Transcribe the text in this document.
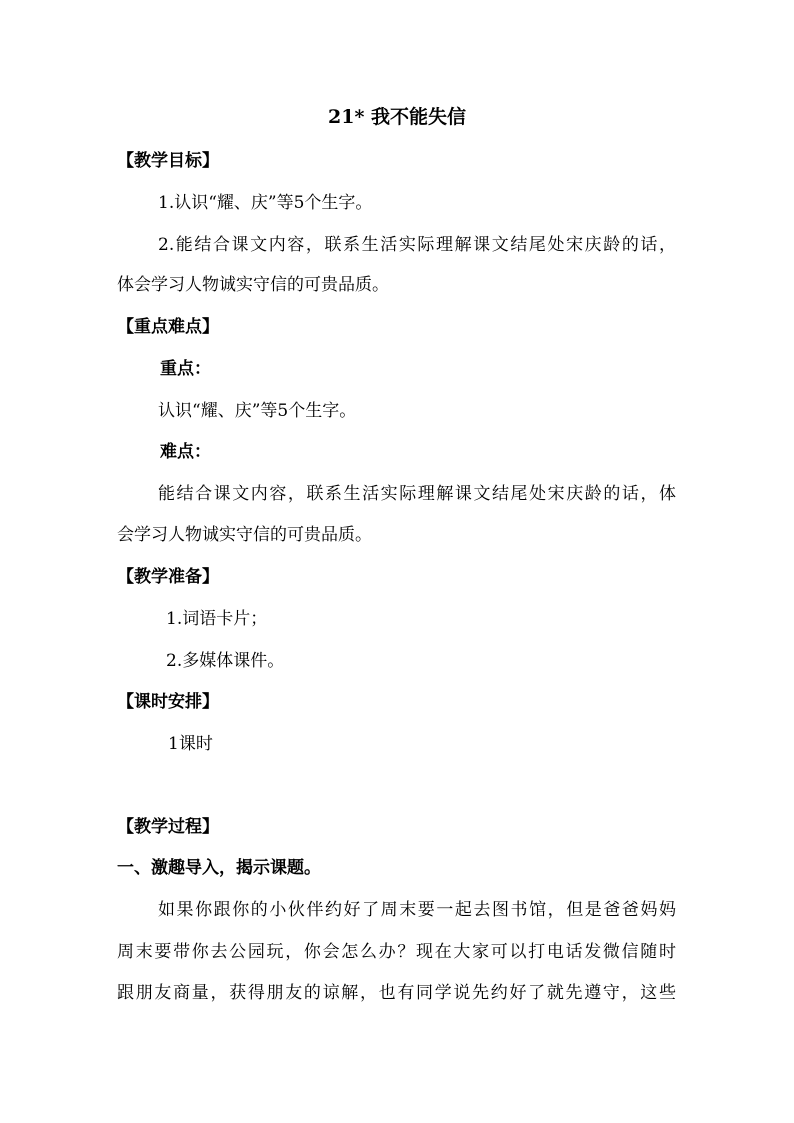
21* 我不能失信
【教学目标】
1.认识“耀、庆”等5个生字。
2.能结合课文内容，联系生活实际理解课文结尾处宋庆龄的话，
体会学习人物诚实守信的可贵品质。
【重点难点】
重点：
认识“耀、庆”等5个生字。
难点：
能结合课文内容，联系生活实际理解课文结尾处宋庆龄的话，体
会学习人物诚实守信的可贵品质。
【教学准备】
1.词语卡片；
2.多媒体课件。
【课时安排】
1课时
【教学过程】
一、激趣导入，揭示课题。
如果你跟你的小伙伴约好了周末要一起去图书馆，但是爸爸妈妈
周末要带你去公园玩，你会怎么办？现在大家可以打电话发微信随时
跟朋友商量，获得朋友的谅解，也有同学说先约好了就先遵守，这些
